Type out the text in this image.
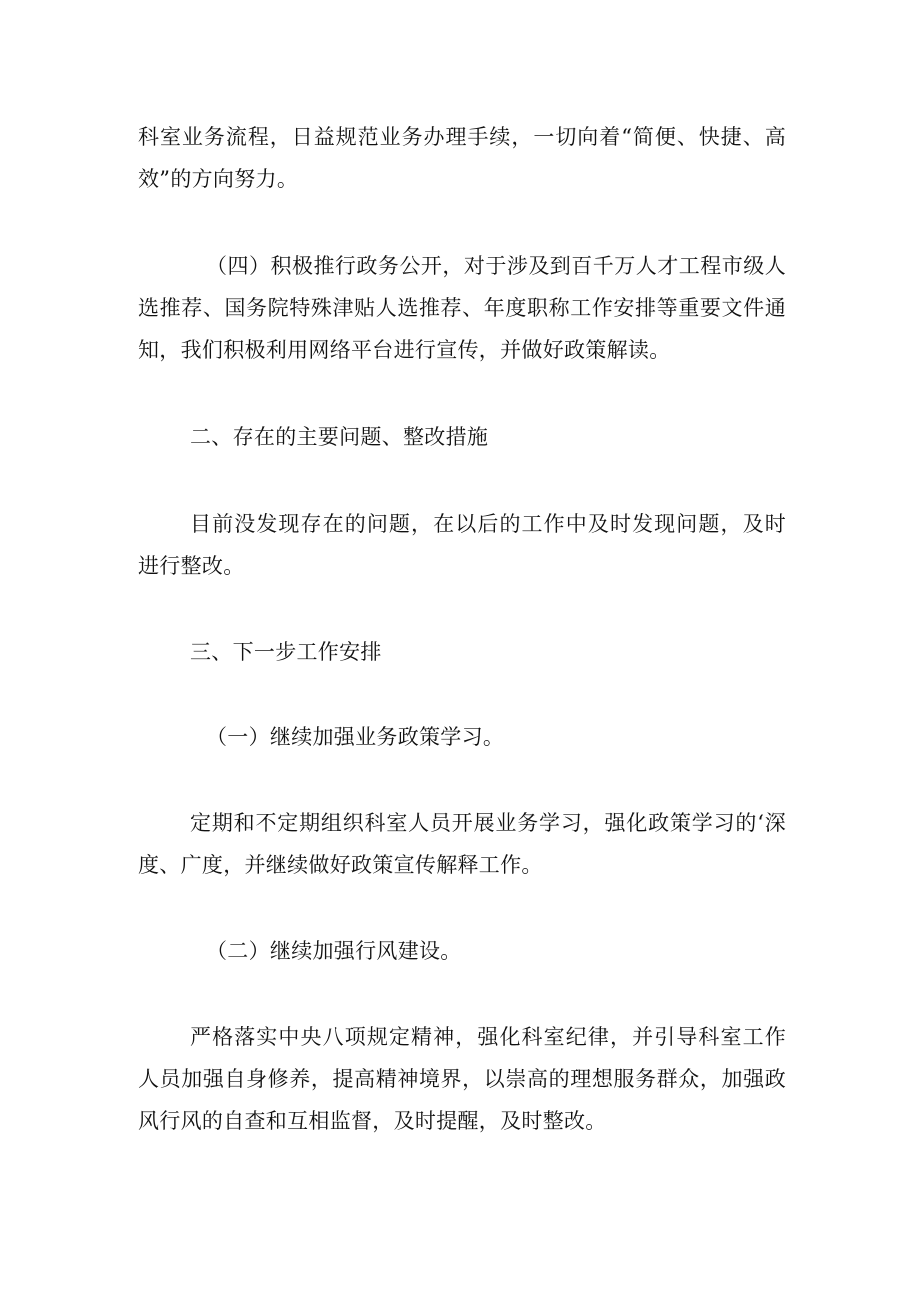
科室业务流程，日益规范业务办理手续，一切向着“简便、快捷、高效”的方向努力。

（四）积极推行政务公开，对于涉及到百千万人才工程市级人选推荐、国务院特殊津贴人选推荐、年度职称工作安排等重要文件通知，我们积极利用网络平台进行宣传，并做好政策解读。

二、存在的主要问题、整改措施

目前没发现存在的问题，在以后的工作中及时发现问题，及时进行整改。

三、下一步工作安排

（一）继续加强业务政策学习。

定期和不定期组织科室人员开展业务学习，强化政策学习的‘深度、广度，并继续做好政策宣传解释工作。

（二）继续加强行风建设。

严格落实中央八项规定精神，强化科室纪律，并引导科室工作人员加强自身修养，提高精神境界，以崇高的理想服务群众，加强政风行风的自查和互相监督，及时提醒，及时整改。
